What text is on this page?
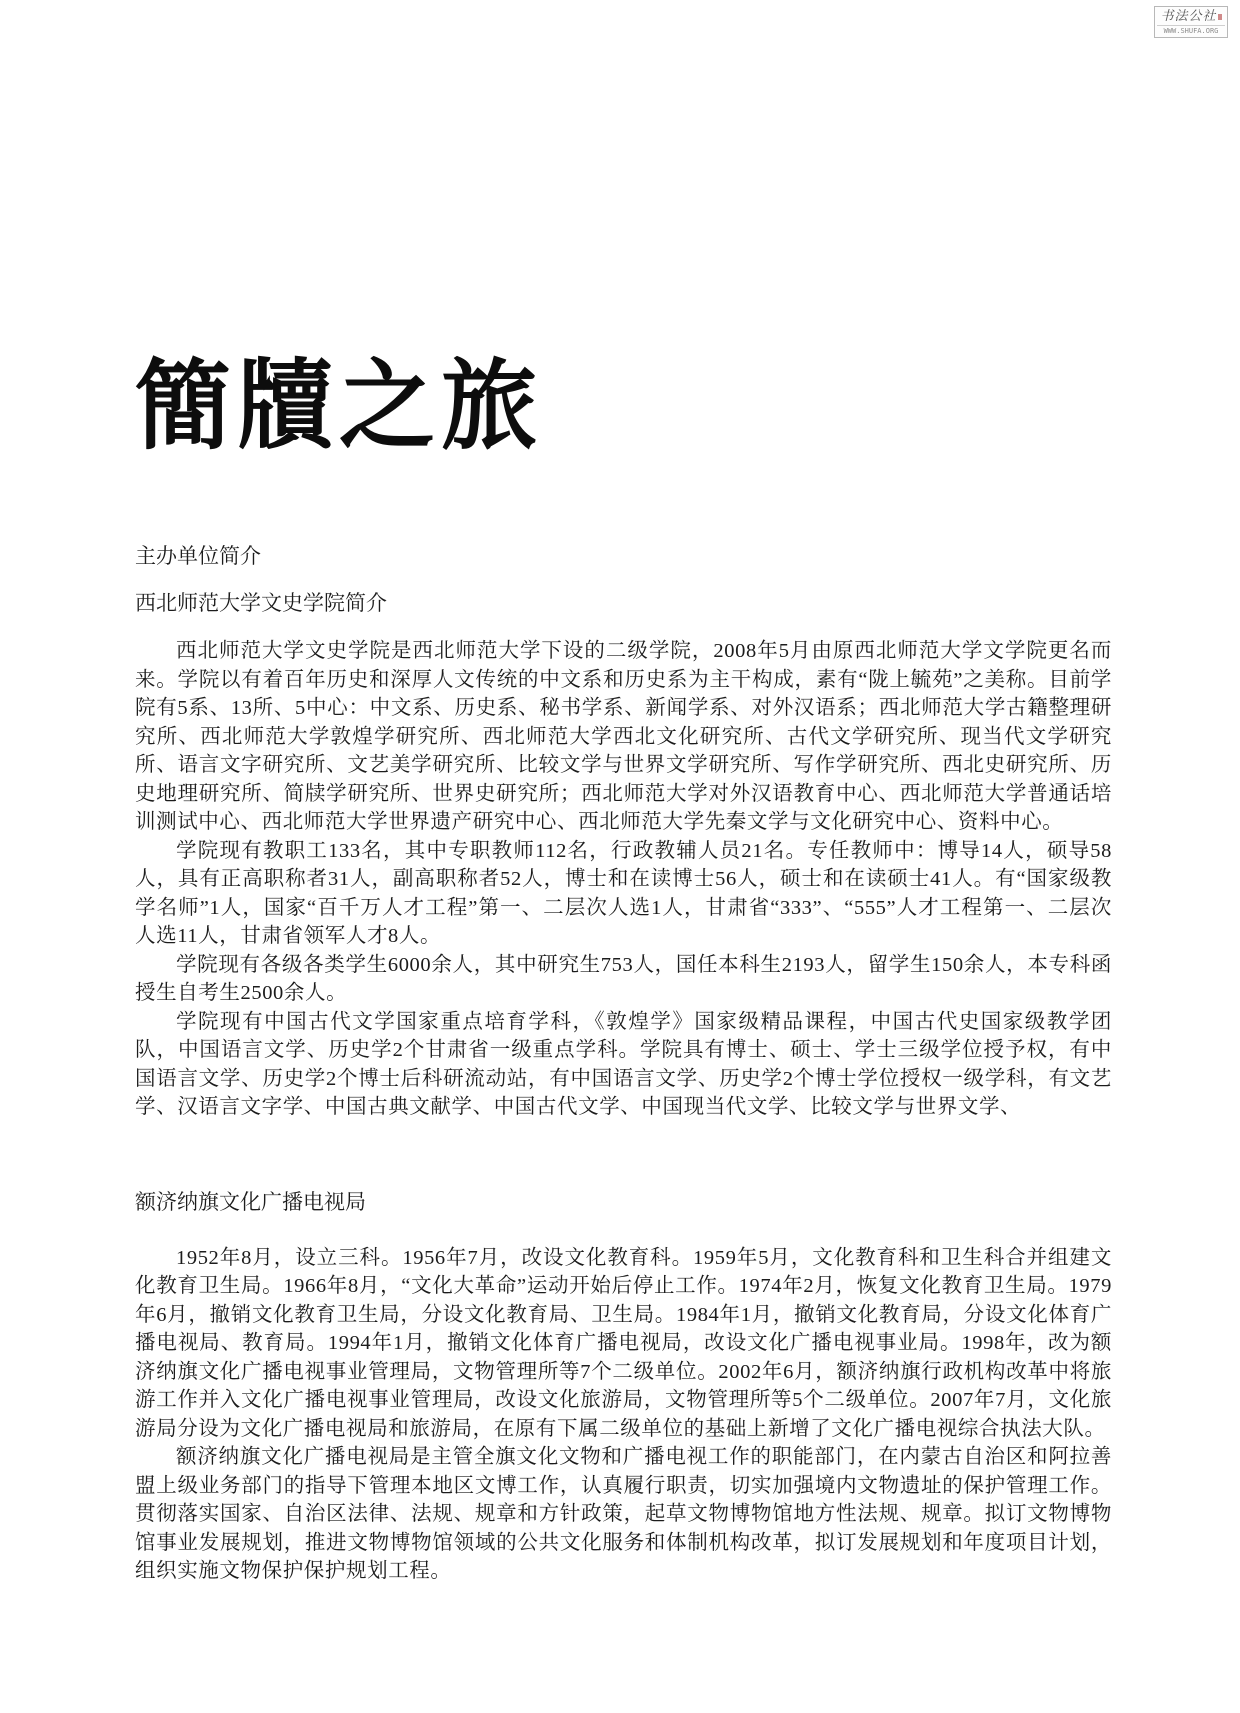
书法公社
WWW.SHUFA.ORG
簡牘之旅
主办单位简介
西北师范大学文史学院简介

西北师范大学文史学院是西北师范大学下设的二级学院，2008年5月由原西北师范大学文学院更名而来。学院以有着百年历史和深厚人文传统的中文系和历史系为主干构成，素有“陇上毓苑”之美称。目前学院有5系、13所、5中心：中文系、历史系、秘书学系、新闻学系、对外汉语系；西北师范大学古籍整理研究所、西北师范大学敦煌学研究所、西北师范大学西北文化研究所、古代文学研究所、现当代文学研究所、语言文字研究所、文艺美学研究所、比较文学与世界文学研究所、写作学研究所、西北史研究所、历史地理研究所、简牍学研究所、世界史研究所；西北师范大学对外汉语教育中心、西北师范大学普通话培训测试中心、西北师范大学世界遗产研究中心、西北师范大学先秦文学与文化研究中心、资料中心。

学院现有教职工133名，其中专职教师112名，行政教辅人员21名。专任教师中：博导14人，硕导58人，具有正高职称者31人，副高职称者52人，博士和在读博士56人，硕士和在读硕士41人。有“国家级教学名师”1人，国家“百千万人才工程”第一、二层次人选1人，甘肃省“333”、“555”人才工程第一、二层次人选11人，甘肃省领军人才8人。

学院现有各级各类学生6000余人，其中研究生753人，国任本科生2193人，留学生150余人，本专科函授生自考生2500余人。

学院现有中国古代文学国家重点培育学科，《敦煌学》国家级精品课程，中国古代史国家级教学团队，中国语言文学、历史学2个甘肃省一级重点学科。学院具有博士、硕士、学士三级学位授予权，有中国语言文学、历史学2个博士后科研流动站，有中国语言文学、历史学2个博士学位授权一级学科，有文艺学、汉语言文字学、中国古典文献学、中国古代文学、中国现当代文学、比较文学与世界文学、

额济纳旗文化广播电视局

1952年8月，设立三科。1956年7月，改设文化教育科。1959年5月，文化教育科和卫生科合并组建文化教育卫生局。1966年8月，“文化大革命”运动开始后停止工作。1974年2月，恢复文化教育卫生局。1979年6月，撤销文化教育卫生局，分设文化教育局、卫生局。1984年1月，撤销文化教育局，分设文化体育广播电视局、教育局。1994年1月，撤销文化体育广播电视局，改设文化广播电视事业局。1998年，改为额济纳旗文化广播电视事业管理局，文物管理所等7个二级单位。2002年6月，额济纳旗行政机构改革中将旅游工作并入文化广播电视事业管理局，改设文化旅游局，文物管理所等5个二级单位。2007年7月，文化旅游局分设为文化广播电视局和旅游局，在原有下属二级单位的基础上新增了文化广播电视综合执法大队。

额济纳旗文化广播电视局是主管全旗文化文物和广播电视工作的职能部门，在内蒙古自治区和阿拉善盟上级业务部门的指导下管理本地区文博工作，认真履行职责，切实加强境内文物遗址的保护管理工作。贯彻落实国家、自治区法律、法规、规章和方针政策，起草文物博物馆地方性法规、规章。拟订文物博物馆事业发展规划，推进文物博物馆领域的公共文化服务和体制机构改革，拟订发展规划和年度项目计划，组织实施文物保护保护规划工程。
